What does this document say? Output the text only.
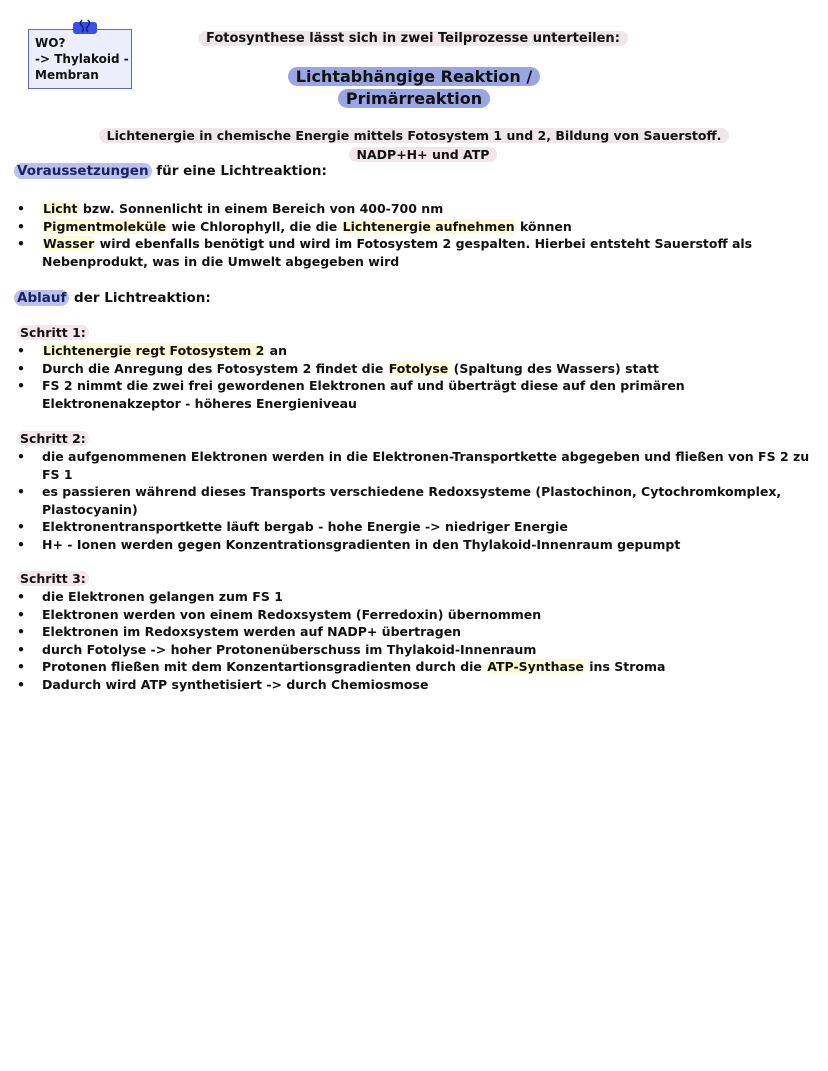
WO?
-> Thylakoid -
Membran
Fotosynthese lässt sich in zwei Teilprozesse unterteilen:
Lichtabhängige Reaktion /
Primärreaktion
Lichtenergie in chemische Energie mittels Fotosystem 1 und 2, Bildung von Sauerstoff.
NADP+H+ und ATP
Voraussetzungen für eine Lichtreaktion:
• Licht bzw. Sonnenlicht in einem Bereich von 400-700 nm
• Pigmentmoleküle wie Chlorophyll, die die Lichtenergie aufnehmen können
• Wasser wird ebenfalls benötigt und wird im Fotosystem 2 gespalten. Hierbei entsteht Sauerstoff als Nebenprodukt, was in die Umwelt abgegeben wird
Ablauf der Lichtreaktion:
Schritt 1:
• Lichtenergie regt Fotosystem 2 an
• Durch die Anregung des Fotosystem 2 findet die Fotolyse (Spaltung des Wassers) statt
• FS 2 nimmt die zwei frei gewordenen Elektronen auf und überträgt diese auf den primären Elektronenakzeptor - höheres Energieniveau
Schritt 2:
• die aufgenommenen Elektronen werden in die Elektronen-Transportkette abgegeben und fließen von FS 2 zu FS 1
• es passieren während dieses Transports verschiedene Redoxsysteme (Plastochinon, Cytochromkomplex, Plastocyanin)
• Elektronentransportkette läuft bergab - hohe Energie -> niedriger Energie
• H+ - Ionen werden gegen Konzentrationsgradienten in den Thylakoid-Innenraum gepumpt
Schritt 3:
• die Elektronen gelangen zum FS 1
• Elektronen werden von einem Redoxsystem (Ferredoxin) übernommen
• Elektronen im Redoxsystem werden auf NADP+ übertragen
• durch Fotolyse -> hoher Protonenüberschuss im Thylakoid-Innenraum
• Protonen fließen mit dem Konzentartionsgradienten durch die ATP-Synthase ins Stroma
• Dadurch wird ATP synthetisiert -> durch Chemiosmose
